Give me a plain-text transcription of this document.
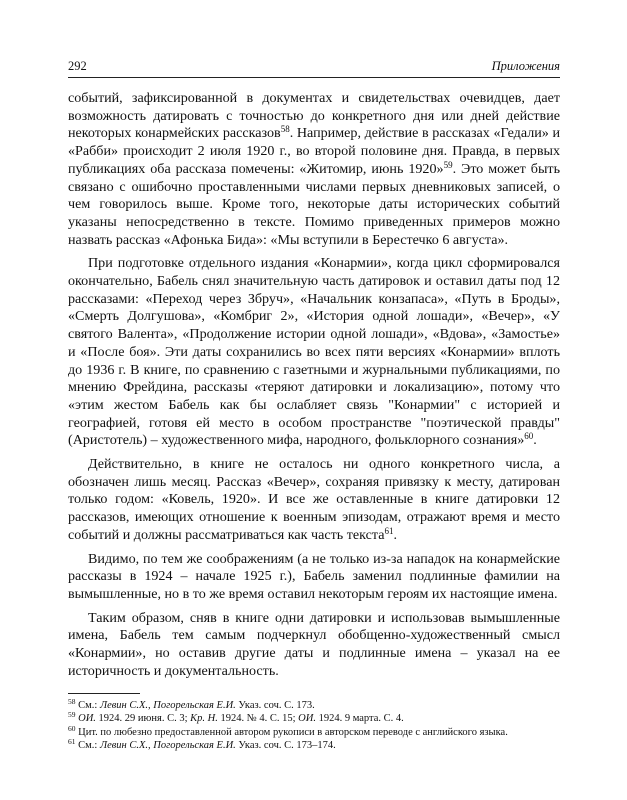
292	Приложения

событий, зафиксированной в документах и свидетельствах очевидцев, дает возможность датировать с точностью до конкретного дня или дней действие некоторых конармейских рассказов$^{58}$. Например, действие в рассказах «Гедали» и «Рабби» происходит 2 июля 1920 г., во второй половине дня. Правда, в первых публикациях оба рассказа помечены: «Житомир, июнь 1920»$^{59}$. Это может быть связано с ошибочно проставленными числами первых дневниковых записей, о чем говорилось выше. Кроме того, некоторые даты исторических событий указаны непосредственно в тексте. Помимо приведенных примеров можно назвать рассказ «Афонька Бида»: «Мы вступили в Берестечко 6 августа».

При подготовке отдельного издания «Конармии», когда цикл сформировался окончательно, Бабель снял значительную часть датировок и оставил даты под 12 рассказами: «Переход через Збруч», «Начальник конзапаса», «Путь в Броды», «Смерть Долгушова», «Комбриг 2», «История одной лошади», «Вечер», «У святого Валента», «Продолжение истории одной лошади», «Вдова», «Замостье» и «После боя». Эти даты сохранились во всех пяти версиях «Конармии» вплоть до 1936 г. В книге, по сравнению с газетными и журнальными публикациями, по мнению Фрейдина, рассказы «теряют датировки и локализацию», потому что «этим жестом Бабель как бы ослабляет связь "Конармии" с историей и географией, готовя ей место в особом пространстве "поэтической правды" (Аристотель) – художественного мифа, народного, фольклорного сознания»$^{60}$.

Действительно, в книге не осталось ни одного конкретного числа, а обозначен лишь месяц. Рассказ «Вечер», сохраняя привязку к месту, датирован только годом: «Ковель, 1920». И все же оставленные в книге датировки 12 рассказов, имеющих отношение к военным эпизодам, отражают время и место событий и должны рассматриваться как часть текста$^{61}$.

Видимо, по тем же соображениям (а не только из-за нападок на конармейские рассказы в 1924 – начале 1925 г.), Бабель заменил подлинные фамилии на вымышленные, но в то же время оставил некоторым героям их настоящие имена.

Таким образом, сняв в книге одни датировки и использовав вымышленные имена, Бабель тем самым подчеркнул обобщенно-художественный смысл «Конармии», но оставив другие даты и подлинные имена – указал на ее историчность и документальность.

$^{58}$ См.: Левин С.Х., Погорельская Е.И. Указ. соч. С. 173.
$^{59}$ ОИ. 1924. 29 июня. С. 3; Кр. Н. 1924. № 4. С. 15; ОИ. 1924. 9 марта. С. 4.
$^{60}$ Цит. по любезно предоставленной автором рукописи в авторском переводе с английского языка.
$^{61}$ См.: Левин С.Х., Погорельская Е.И. Указ. соч. С. 173–174.
